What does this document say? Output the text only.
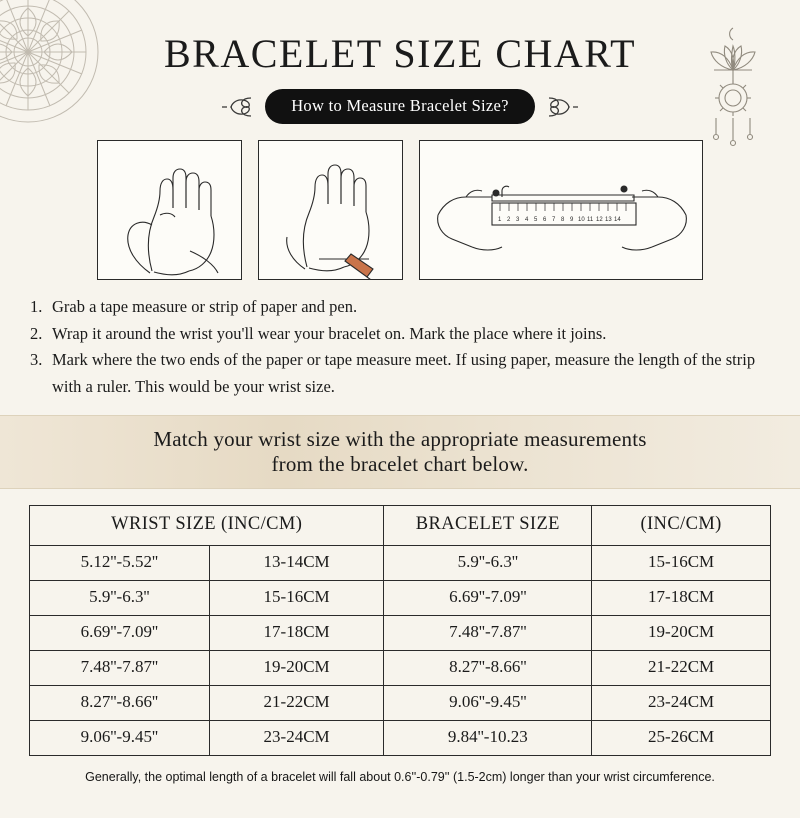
BRACELET SIZE CHART
How to Measure Bracelet Size?
1 2 3 4 5 6 7 8 9 10 11 12 13 14
1. Grab a tape measure or strip of paper and pen.
2. Wrap it around the wrist you'll wear your bracelet on. Mark the place where it joins.
3. Mark where the two ends of the paper or tape measure meet. If using paper, measure the length of the strip with a ruler. This would be your wrist size.
Match your wrist size with the appropriate measurements
from the bracelet chart below.
WRIST SIZE (INC/CM)		BRACELET SIZE	(INC/CM)
5.12''-5.52''	13-14CM	5.9''-6.3''	15-16CM
5.9''-6.3''	15-16CM	6.69''-7.09''	17-18CM
6.69''-7.09''	17-18CM	7.48''-7.87''	19-20CM
7.48''-7.87''	19-20CM	8.27''-8.66''	21-22CM
8.27''-8.66''	21-22CM	9.06''-9.45''	23-24CM
9.06''-9.45''	23-24CM	9.84''-10.23	25-26CM
Generally, the optimal length of a bracelet will fall about 0.6''-0.79'' (1.5-2cm) longer than your wrist circumference.
